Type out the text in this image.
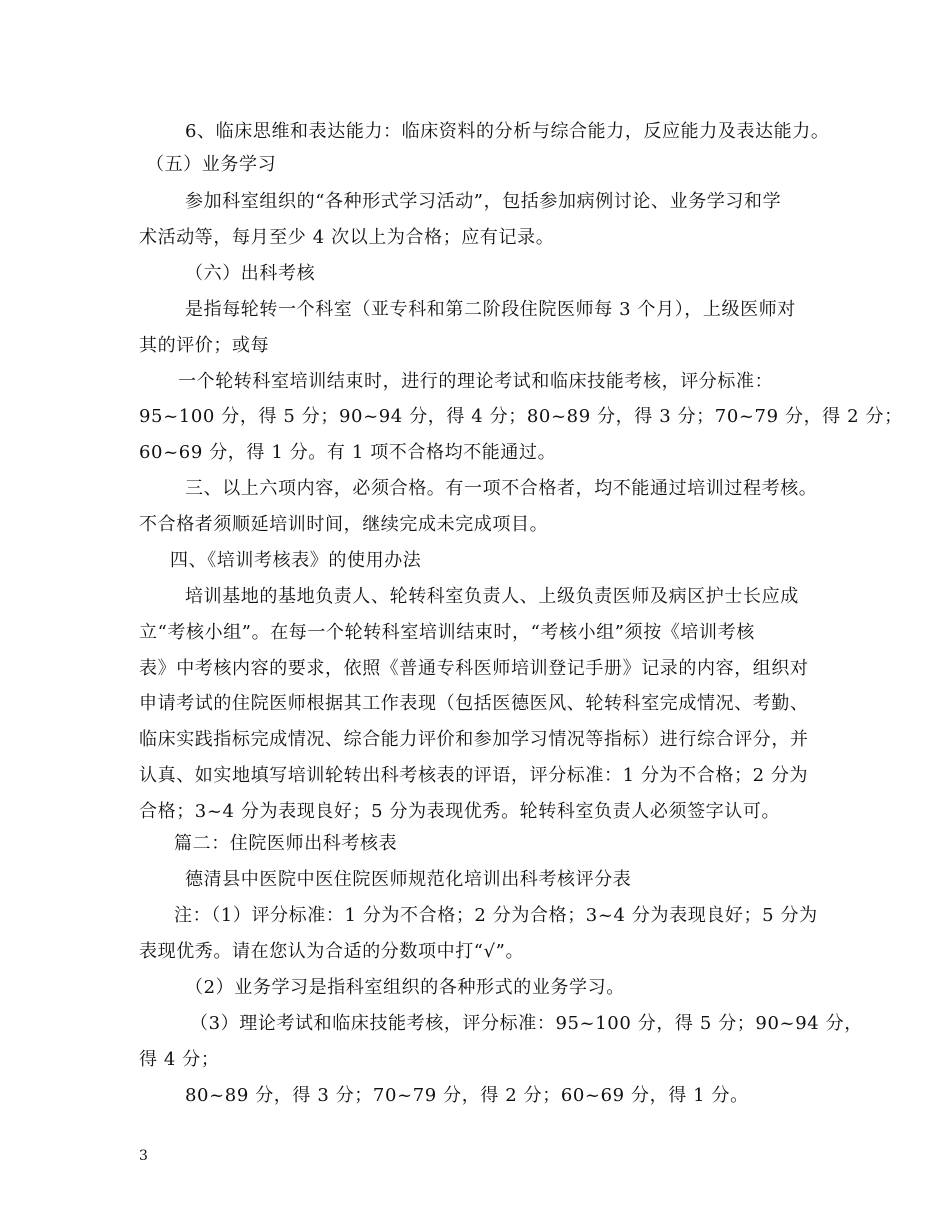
6、临床思维和表达能力：临床资料的分析与综合能力，反应能力及表达能力。
（五）业务学习
参加科室组织的“各种形式学习活动”，包括参加病例讨论、业务学习和学
术活动等，每月至少 4 次以上为合格；应有记录。
（六）出科考核
是指每轮转一个科室（亚专科和第二阶段住院医师每 3 个月），上级医师对
其的评价；或每
一个轮转科室培训结束时，进行的理论考试和临床技能考核，评分标准：
95~100 分，得 5 分；90~94 分，得 4 分；80~89 分，得 3 分；70~79 分，得 2 分；
60~69 分，得 1 分。有 1 项不合格均不能通过。
三、以上六项内容，必须合格。有一项不合格者，均不能通过培训过程考核。
不合格者须顺延培训时间，继续完成未完成项目。
四、《培训考核表》的使用办法
培训基地的基地负责人、轮转科室负责人、上级负责医师及病区护士长应成
立“考核小组”。在每一个轮转科室培训结束时，“考核小组”须按《培训考核
表》中考核内容的要求，依照《普通专科医师培训登记手册》记录的内容，组织对
申请考试的住院医师根据其工作表现（包括医德医风、轮转科室完成情况、考勤、
临床实践指标完成情况、综合能力评价和参加学习情况等指标）进行综合评分，并
认真、如实地填写培训轮转出科考核表的评语，评分标准：1 分为不合格；2 分为
合格；3~4 分为表现良好；5 分为表现优秀。轮转科室负责人必须签字认可。
篇二：住院医师出科考核表
德清县中医院中医住院医师规范化培训出科考核评分表
注：（1）评分标准：1 分为不合格；2 分为合格；3~4 分为表现良好；5 分为
表现优秀。请在您认为合适的分数项中打“√”。
（2）业务学习是指科室组织的各种形式的业务学习。
（3）理论考试和临床技能考核，评分标准：95~100 分，得 5 分；90~94 分，
得 4 分；
80~89 分，得 3 分；70~79 分，得 2 分；60~69 分，得 1 分。
3
